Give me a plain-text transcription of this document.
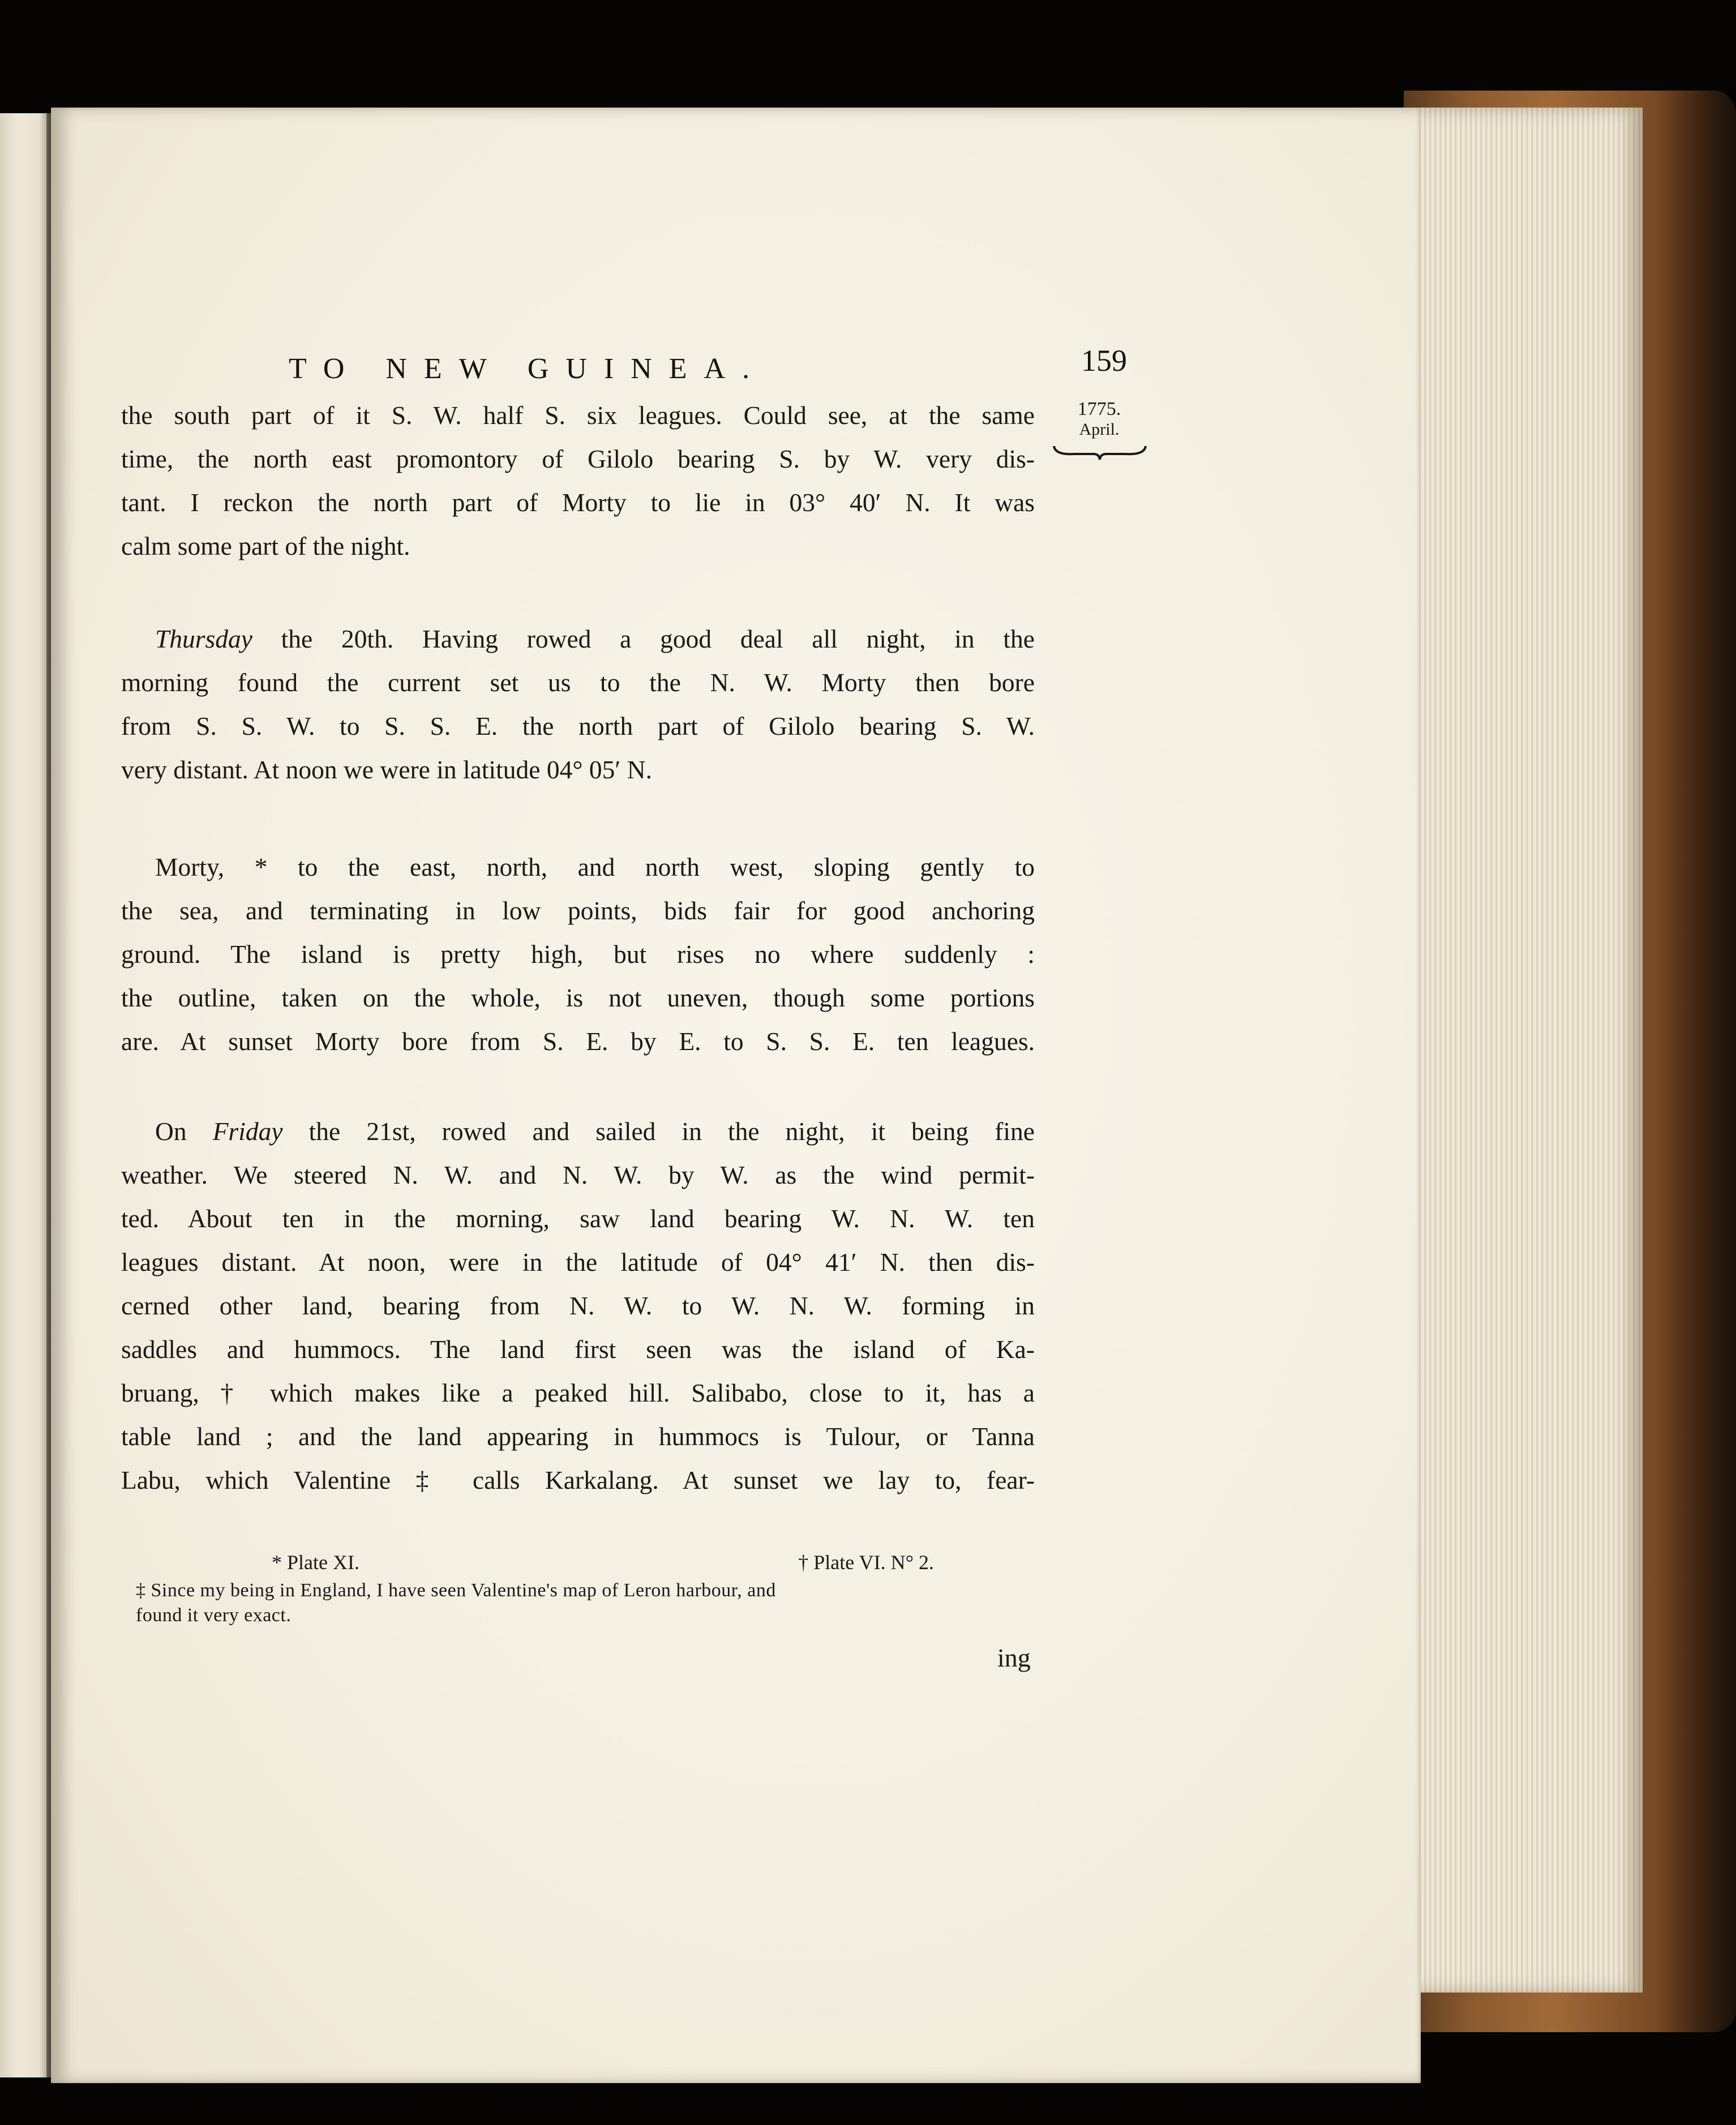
TO NEW GUINEA.	159
1775.
April.
the south part of it S. W. half S. six leagues. Could see, at the same
time, the north east promontory of Gilolo bearing S. by W. very dis-
tant. I reckon the north part of Morty to lie in 03° 40′ N. It was
calm some part of the night.
Thursday the 20th. Having rowed a good deal all night, in the
morning found the current set us to the N. W. Morty then bore
from S. S. W. to S. S. E. the north part of Gilolo bearing S. W.
very distant. At noon we were in latitude 04° 05′ N.
Morty, * to the east, north, and north west, sloping gently to
the sea, and terminating in low points, bids fair for good anchoring
ground. The island is pretty high, but rises no where suddenly :
the outline, taken on the whole, is not uneven, though some portions
are. At sunset Morty bore from S. E. by E. to S. S. E. ten leagues.
On Friday the 21st, rowed and sailed in the night, it being fine
weather. We steered N. W. and N. W. by W. as the wind permit-
ted. About ten in the morning, saw land bearing W. N. W. ten
leagues distant. At noon, were in the latitude of 04° 41′ N. then dis-
cerned other land, bearing from N. W. to W. N. W. forming in
saddles and hummocs. The land first seen was the island of Ka-
bruang, † which makes like a peaked hill. Salibabo, close to it, has a
table land ; and the land appearing in hummocs is Tulour, or Tanna
Labu, which Valentine ‡ calls Karkalang. At sunset we lay to, fear-
* Plate XI.	† Plate VI. N° 2.
‡ Since my being in England, I have seen Valentine's map of Leron harbour, and
found it very exact.
ing
